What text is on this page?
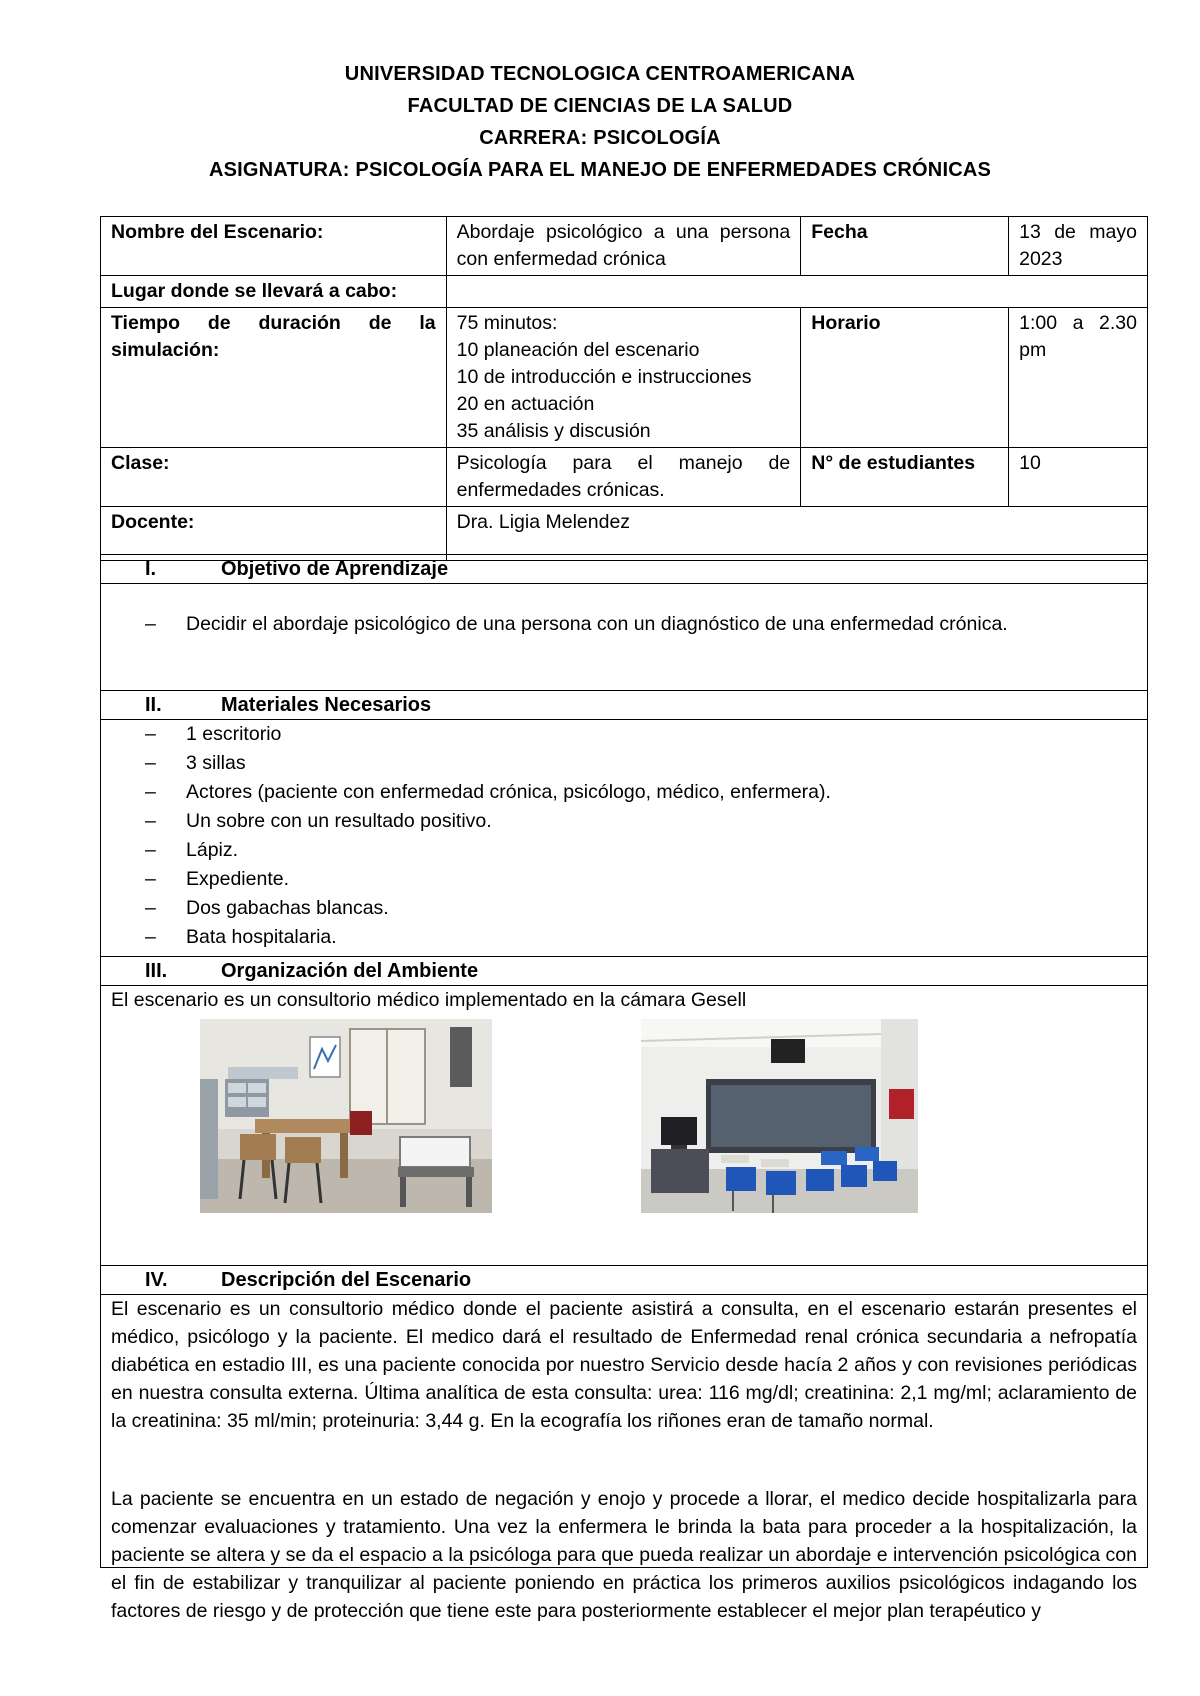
UNIVERSIDAD TECNOLOGICA CENTROAMERICANA
FACULTAD DE CIENCIAS DE LA SALUD
CARRERA: PSICOLOGÍA
ASIGNATURA: PSICOLOGÍA PARA EL MANEJO DE ENFERMEDADES CRÓNICAS
Nombre del Escenario:	Abordaje psicológico a una persona con enfermedad crónica	Fecha	13 de mayo 2023
Lugar donde se llevará a cabo:			
Tiempo de duración de la simulación:	75 minutos:
10 planeación del escenario
10 de introducción e instrucciones
20 en actuación
35 análisis y discusión	Horario	1:00 a 2.30 pm
Clase:	Psicología para el manejo de enfermedades crónicas.	N° de estudiantes	10
Docente:	Dra. Ligia Melendez		
I.	Objetivo de Aprendizaje
– Decidir el abordaje psicológico de una persona con un diagnóstico de una enfermedad crónica.
II.	Materiales Necesarios
– 1 escritorio
– 3 sillas
– Actores (paciente con enfermedad crónica, psicólogo, médico, enfermera).
– Un sobre con un resultado positivo.
– Lápiz.
– Expediente.
– Dos gabachas blancas.
– Bata hospitalaria.
III.	Organización del Ambiente
El escenario es un consultorio médico implementado en la cámara Gesell
IV.	Descripción del Escenario
El escenario es un consultorio médico donde el paciente asistirá a consulta, en el escenario estarán presentes el médico, psicólogo y la paciente. El medico dará el resultado de Enfermedad renal crónica secundaria a nefropatía diabética en estadio III, es una paciente conocida por nuestro Servicio desde hacía 2 años y con revisiones periódicas en nuestra consulta externa. Última analítica de esta consulta: urea: 116 mg/dl; creatinina: 2,1 mg/ml; aclaramiento de la creatinina: 35 ml/min; proteinuria: 3,44 g. En la ecografía los riñones eran de tamaño normal.
La paciente se encuentra en un estado de negación y enojo y procede a llorar, el medico decide hospitalizarla para comenzar evaluaciones y tratamiento. Una vez la enfermera le brinda la bata para proceder a la hospitalización, la paciente se altera y se da el espacio a la psicóloga para que pueda realizar un abordaje e intervención psicológica con el fin de estabilizar y tranquilizar al paciente poniendo en práctica los primeros auxilios psicológicos indagando los factores de riesgo y de protección que tiene este para posteriormente establecer el mejor plan terapéutico y
